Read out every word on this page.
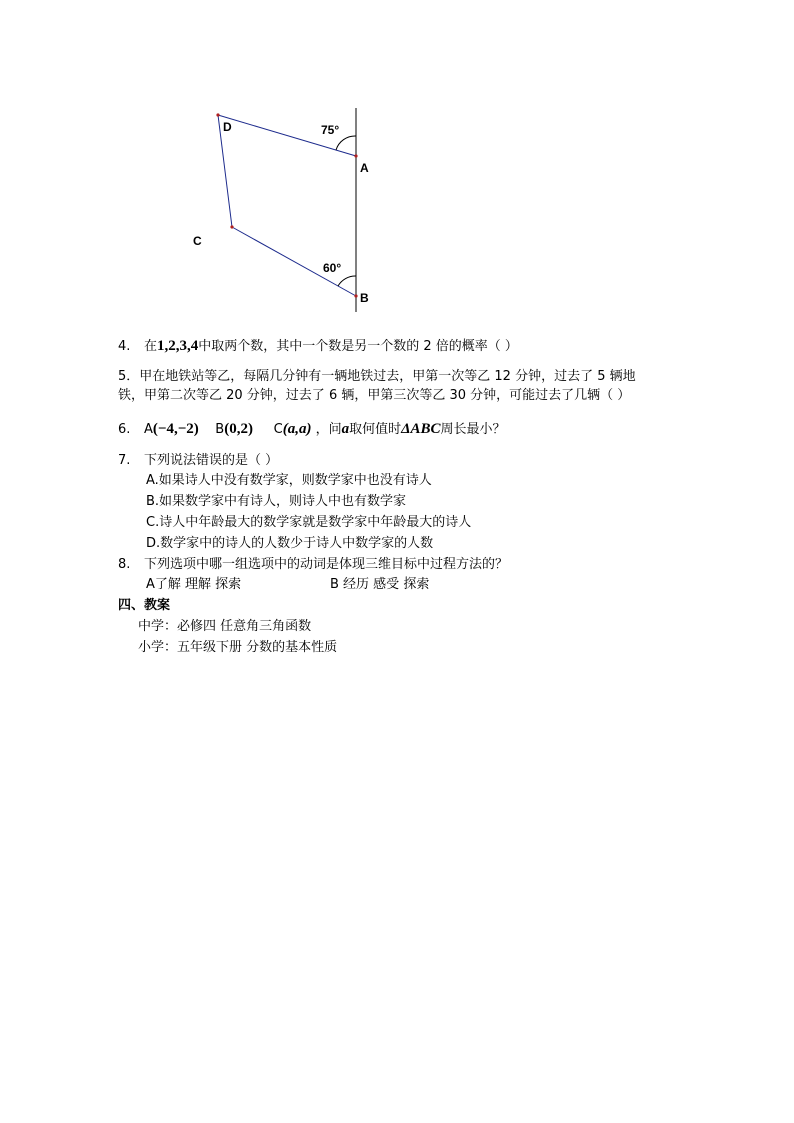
D
A
C
B
75°
60°
4. 在1,2,3,4中取两个数，其中一个数是另一个数的 2 倍的概率（ ）
5．甲在地铁站等乙，每隔几分钟有一辆地铁过去，甲第一次等乙 12 分钟，过去了 5 辆地
铁，甲第二次等乙 20 分钟，过去了 6 辆，甲第三次等乙 30 分钟，可能过去了几辆（ ）
6. A(−4,−2) B(0,2) C(a,a) ，问a取何值时ΔABC周长最小？
7. 下列说法错误的是（ ）
A.如果诗人中没有数学家，则数学家中也没有诗人
B.如果数学家中有诗人，则诗人中也有数学家
C.诗人中年龄最大的数学家就是数学家中年龄最大的诗人
D.数学家中的诗人的人数少于诗人中数学家的人数
8. 下列选项中哪一组选项中的动词是体现三维目标中过程方法的？
A了解 理解 探索	B 经历 感受 探索
四、教案
中学：必修四 任意角三角函数
小学：五年级下册 分数的基本性质
